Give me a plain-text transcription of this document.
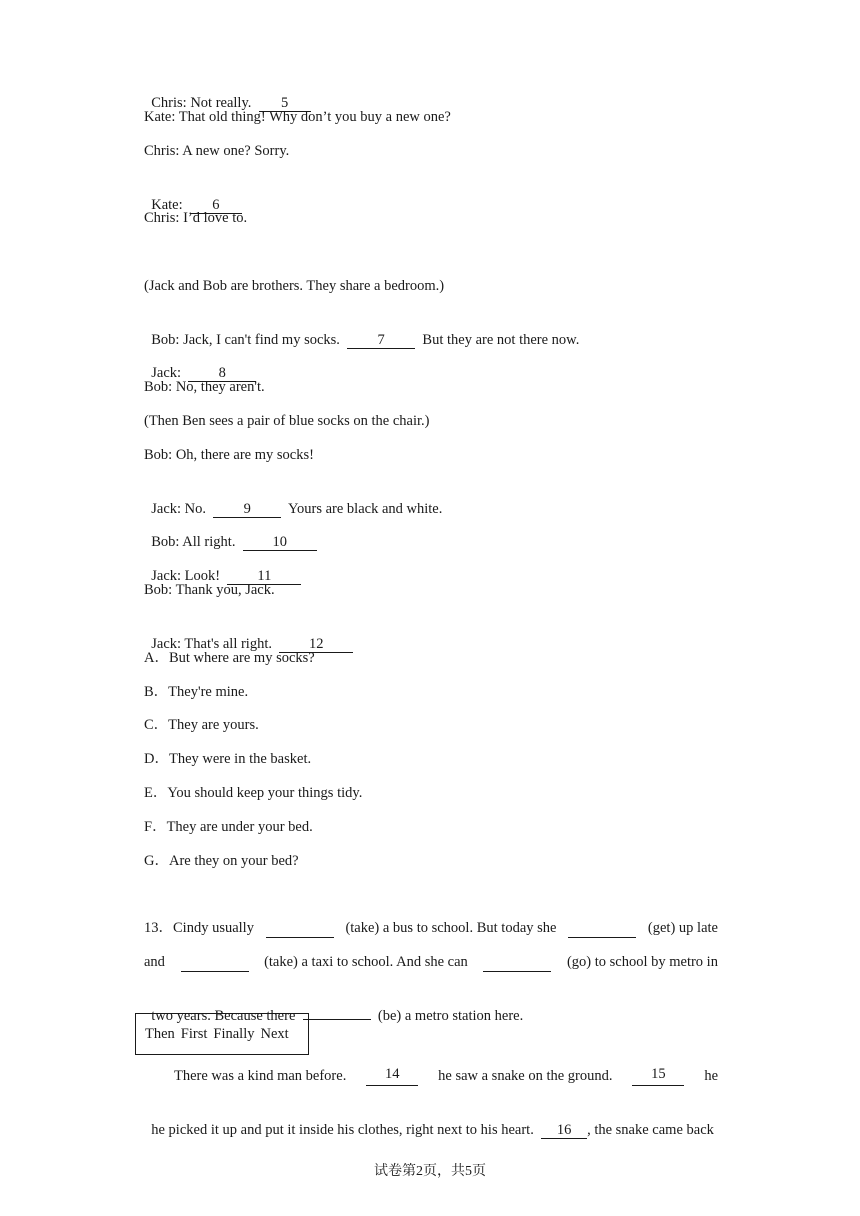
Chris: Not really. 5

Kate: That old thing! Why don’t you buy a new one?
Chris: A new one? Sorry.

Kate: 6

Chris: I’d love to.
(Jack and Bob are brothers. They share a bedroom.)

Bob: Jack, I can't find my socks.	7	But they are not there now.

Jack:	8

Bob: No, they aren't.
(Then Ben sees a pair of blue socks on the chair.)
Bob: Oh, there are my socks!

Jack: No.	9	Yours are black and white.

Bob: All right.	10

Jack: Look!	11

Bob: Thank you, Jack.

Jack: That's all right.	12

A．But where are my socks?
B．They're mine.
C．They are yours.
D．They were in the basket.
E．You should keep your things tidy.
F．They are under your bed.
G．Are they on your bed?
13．Cindy usually	(take) a bus to school. But today she	(get) up late
and	(take) a taxi to school. And she can	(go) to school by metro in

two years. Because there	(be) a metro station here.

Then First Finally Next
There was a kind man before.	14	he saw a snake on the ground.	15	he

he picked it up and put it inside his clothes, right next to his heart. 16 , the snake came back

试卷第2页，共5页
